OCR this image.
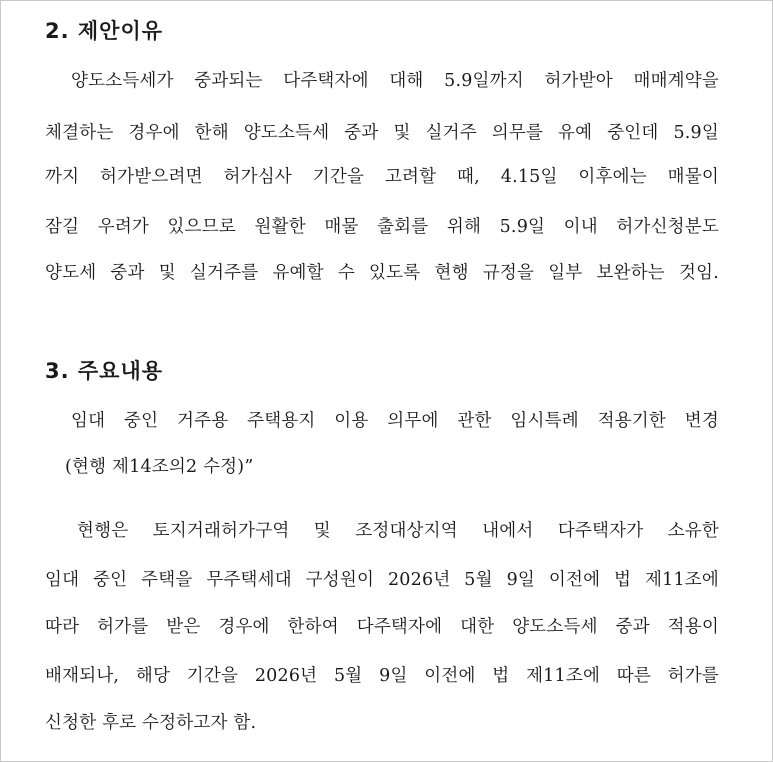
2. 제안이유
양도소득세가 중과되는 다주택자에 대해 5.9일까지 허가받아 매매계약을
체결하는 경우에 한해 양도소득세 중과 및 실거주 의무를 유예 중인데 5.9일
까지 허가받으려면 허가심사 기간을 고려할 때, 4.15일 이후에는 매물이
잠길 우려가 있으므로 원활한 매물 출회를 위해 5.9일 이내 허가신청분도
양도세 중과 및 실거주를 유예할 수 있도록 현행 규정을 일부 보완하는 것임.
3. 주요내용
임대 중인 거주용 주택용지 이용 의무에 관한 임시특례 적용기한 변경
(현행 제14조의2 수정)”
현행은 토지거래허가구역 및 조정대상지역 내에서 다주택자가 소유한
임대 중인 주택을 무주택세대 구성원이 2026년 5월 9일 이전에 법 제11조에
따라 허가를 받은 경우에 한하여 다주택자에 대한 양도소득세 중과 적용이
배재되나, 해당 기간을 2026년 5월 9일 이전에 법 제11조에 따른 허가를
신청한 후로 수정하고자 함.
